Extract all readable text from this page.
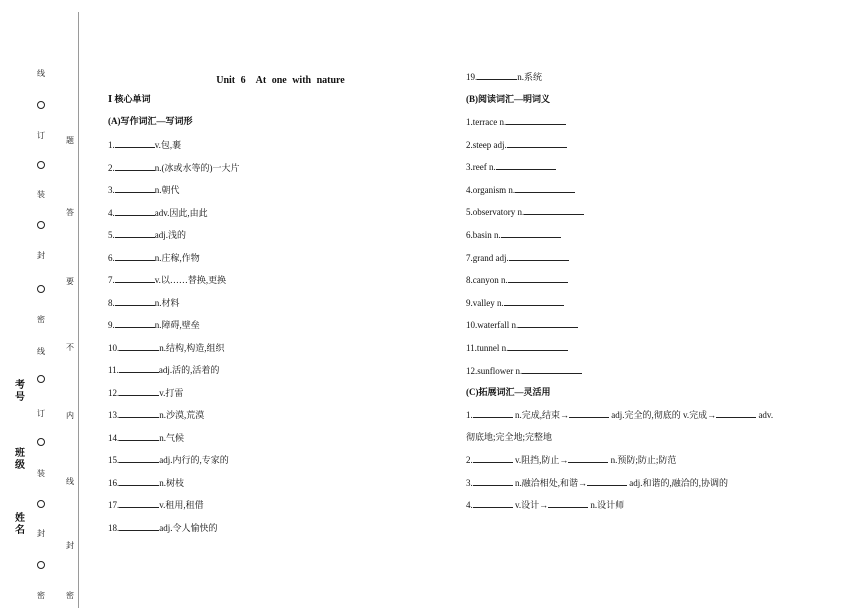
线
订
装
封
密
线
订
装
封
密
题
答
要
不
内
线
封
密
考
号
班
级
姓
名
Unit 6　At one with nature
Ⅰ 核心单词
(A)写作词汇—写词形
1.	v.包,裹
2.	n.(冰或水等的)一大片
3.	n.朝代
4.	adv.因此,由此
5.	adj.浅的
6.	n.庄稼,作物
7.	v.以……替换,更换
8.	n.材料
9.	n.障碍,壁垒
10.	n.结构,构造,组织
11.	adj.活的,活着的
12.	v.打雷
13.	n.沙漠,荒漠
14.	n.气候
15.	adj.内行的,专家的
16.	n.树枝
17.	v.租用,租借
18.	adj.令人愉快的
19.	n.系统
(B)阅读词汇—明词义
1.terrace n.
2.steep adj.
3.reef n.
4.organism n.
5.observatory n.
6.basin n.
7.grand adj.
8.canyon n.
9.valley n.
10.waterfall n.
11.tunnel n.
12.sunflower n.
(C)拓展词汇—灵活用
1.	n.完成,结束→	adj.完全的,彻底的 v.完成→	adv.
彻底地;完全地;完整地
2.	v.阻挡,防止→	n.预防;防止;防范
3.	n.融洽相处,和谐→	adj.和谐的,融洽的,协调的
4.	v.设计→	n.设计师
